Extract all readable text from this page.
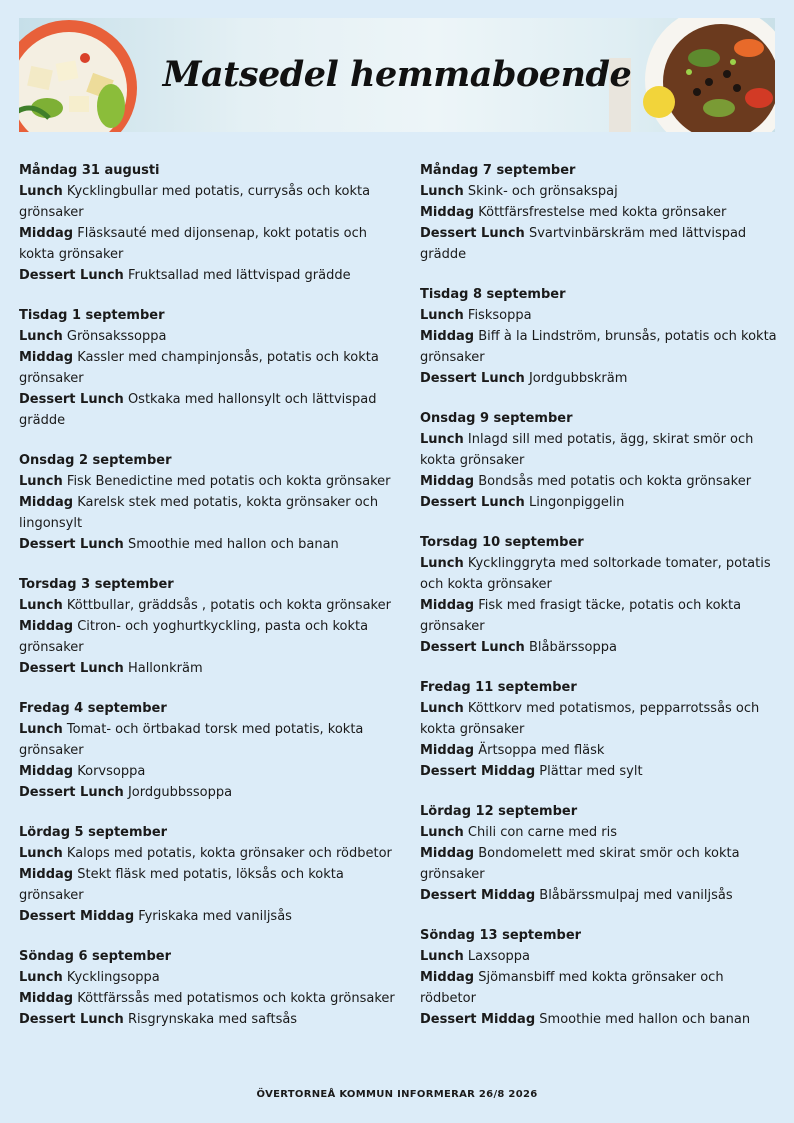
Matsedel hemmaboende
Måndag 31 augusti
Lunch Kycklingbullar med potatis, currysås och kokta grönsaker
Middag Fläsksauté med dijonsenap, kokt potatis och kokta grönsaker
Dessert Lunch Fruktsallad med lättvispad grädde
Tisdag 1 september
Lunch Grönsakssoppa
Middag Kassler med champinjonsås, potatis och kokta grönsaker
Dessert Lunch Ostkaka med hallonsylt och lättvispad grädde
Onsdag 2 september
Lunch Fisk Benedictine med potatis och kokta grönsaker
Middag Karelsk stek med potatis, kokta grönsaker och lingonsylt
Dessert Lunch Smoothie med hallon och banan
Torsdag 3 september
Lunch Köttbullar, gräddsås , potatis och kokta grönsaker
Middag Citron- och yoghurtkyckling, pasta och kokta grönsaker
Dessert Lunch Hallonkräm
Fredag 4 september
Lunch Tomat- och örtbakad torsk med potatis, kokta grönsaker
Middag Korvsoppa
Dessert Lunch Jordgubbssoppa
Lördag 5 september
Lunch Kalops med potatis, kokta grönsaker och rödbetor
Middag Stekt fläsk med potatis, löksås och kokta grönsaker
Dessert Middag Fyriskaka med vaniljsås
Söndag 6 september
Lunch Kycklingsoppa
Middag Köttfärssås med potatismos och kokta grönsaker
Dessert Lunch Risgrynskaka med saftsås
Måndag 7 september
Lunch Skink- och grönsakspaj
Middag Köttfärsfrestelse med kokta grönsaker
Dessert Lunch Svartvinbärskräm med lättvispad grädde
Tisdag 8 september
Lunch Fisksoppa
Middag Biff à la Lindström, brunsås, potatis och kokta grönsaker
Dessert Lunch Jordgubbskräm
Onsdag 9 september
Lunch Inlagd sill med potatis, ägg, skirat smör och kokta grönsaker
Middag Bondsås med potatis och kokta grönsaker
Dessert Lunch Lingonpiggelin
Torsdag 10 september
Lunch Kycklinggryta med soltorkade tomater, potatis och kokta grönsaker
Middag Fisk med frasigt täcke, potatis och kokta grönsaker
Dessert Lunch Blåbärssoppa
Fredag 11 september
Lunch Köttkorv med potatismos, pepparrotssås och kokta grönsaker
Middag Ärtsoppa med fläsk
Dessert Middag Plättar med sylt
Lördag 12 september
Lunch Chili con carne med ris
Middag Bondomelett med skirat smör och kokta grönsaker
Dessert Middag Blåbärssmulpaj med vaniljsås
Söndag 13 september
Lunch Laxsoppa
Middag Sjömansbiff med kokta grönsaker och rödbetor
Dessert Middag Smoothie med hallon och banan
ÖVERTORNEÅ KOMMUN INFORMERAR 26/8 2026
